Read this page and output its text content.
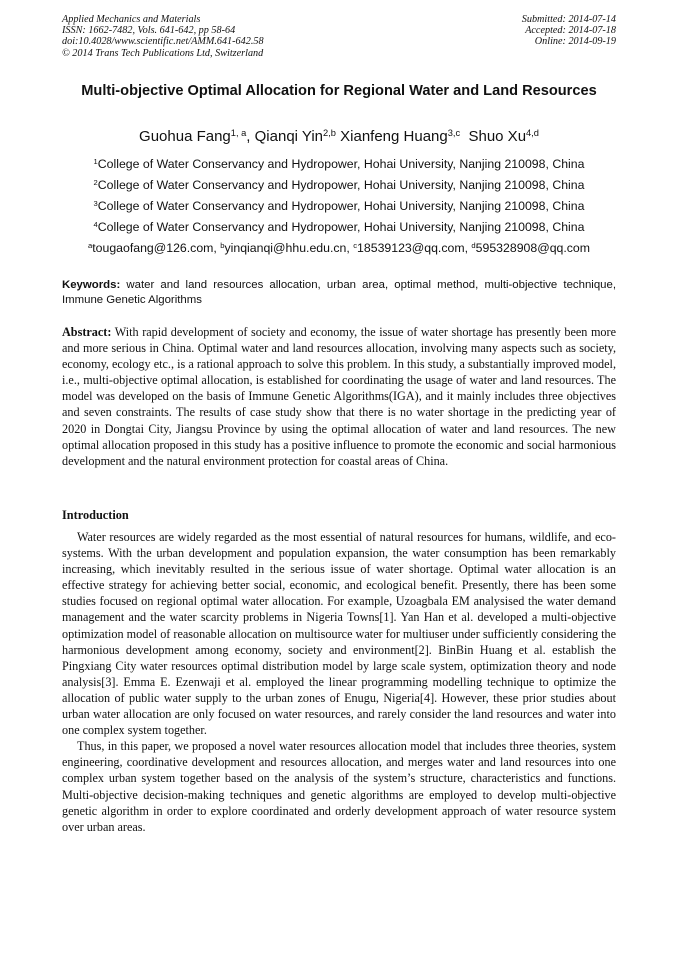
Applied Mechanics and Materials
ISSN: 1662-7482, Vols. 641-642, pp 58-64
doi:10.4028/www.scientific.net/AMM.641-642.58
© 2014 Trans Tech Publications Ltd, Switzerland
Submitted: 2014-07-14
Accepted: 2014-07-18
Online: 2014-09-19
Multi-objective Optimal Allocation for Regional Water and Land Resources
Guohua Fang$^{1, a}$, Qianqi Yin$^{2,b}$ Xianfeng Huang$^{3,c}$ Shuo Xu$^{4,d}$
$^1$College of Water Conservancy and Hydropower, Hohai University, Nanjing 210098, China
$^2$College of Water Conservancy and Hydropower, Hohai University, Nanjing 210098, China
$^3$College of Water Conservancy and Hydropower, Hohai University, Nanjing 210098, China
$^4$College of Water Conservancy and Hydropower, Hohai University, Nanjing 210098, China
$^a$tougaofang@126.com, $^b$yinqianqi@hhu.edu.cn, $^c$18539123@qq.com, $^d$595328908@qq.com
Keywords: water and land resources allocation, urban area, optimal method, multi-objective technique, Immune Genetic Algorithms

Abstract: With rapid development of society and economy, the issue of water shortage has presently been more and more serious in China. Optimal water and land resources allocation, involving many aspects such as society, economy, ecology etc., is a rational approach to solve this problem. In this study, a substantially improved model, i.e., multi-objective optimal allocation, is established for coordinating the usage of water and land resources. The model was developed on the basis of Immune Genetic Algorithms(IGA), and it mainly includes three objectives and seven constraints. The results of case study show that there is no water shortage in the predicting year of 2020 in Dongtai City, Jiangsu Province by using the optimal allocation of water and land resources. The new optimal allocation proposed in this study has a positive influence to promote the economic and social harmonious development and the natural environment protection for coastal areas of China.

Introduction

Water resources are widely regarded as the most essential of natural resources for humans, wildlife, and eco-systems. With the urban development and population expansion, the water consumption has been remarkably increasing, which inevitably resulted in the serious issue of water shortage. Optimal water allocation is an effective strategy for achieving better social, economic, and ecological benefit. Presently, there has been some studies focused on regional optimal water allocation. For example, Uzoagbala EM analysised the water demand management and the water scarcity problems in Nigeria Towns[1]. Yan Han et al. developed a multi-objective optimization model of reasonable allocation on multisource water for multiuser under sufficiently considering the harmonious development among economy, society and environment[2]. BinBin Huang et al. establish the Pingxiang City water resources optimal distribution model by large scale system, optimization theory and node analysis[3]. Emma E. Ezenwaji et al. employed the linear programming modelling technique to optimize the allocation of public water supply to the urban zones of Enugu, Nigeria[4]. However, these prior studies about urban water allocation are only focused on water resources, and rarely consider the land resources and water into one complex system together.

Thus, in this paper, we proposed a novel water resources allocation model that includes three theories, system engineering, coordinative development and resources allocation, and merges water and land resources into one complex urban system together based on the analysis of the system’s structure, characteristics and functions. Multi-objective decision-making techniques and genetic algorithms are employed to develop multi-objective genetic algorithm in order to explore coordinated and orderly development approach of water resource system over urban areas.
